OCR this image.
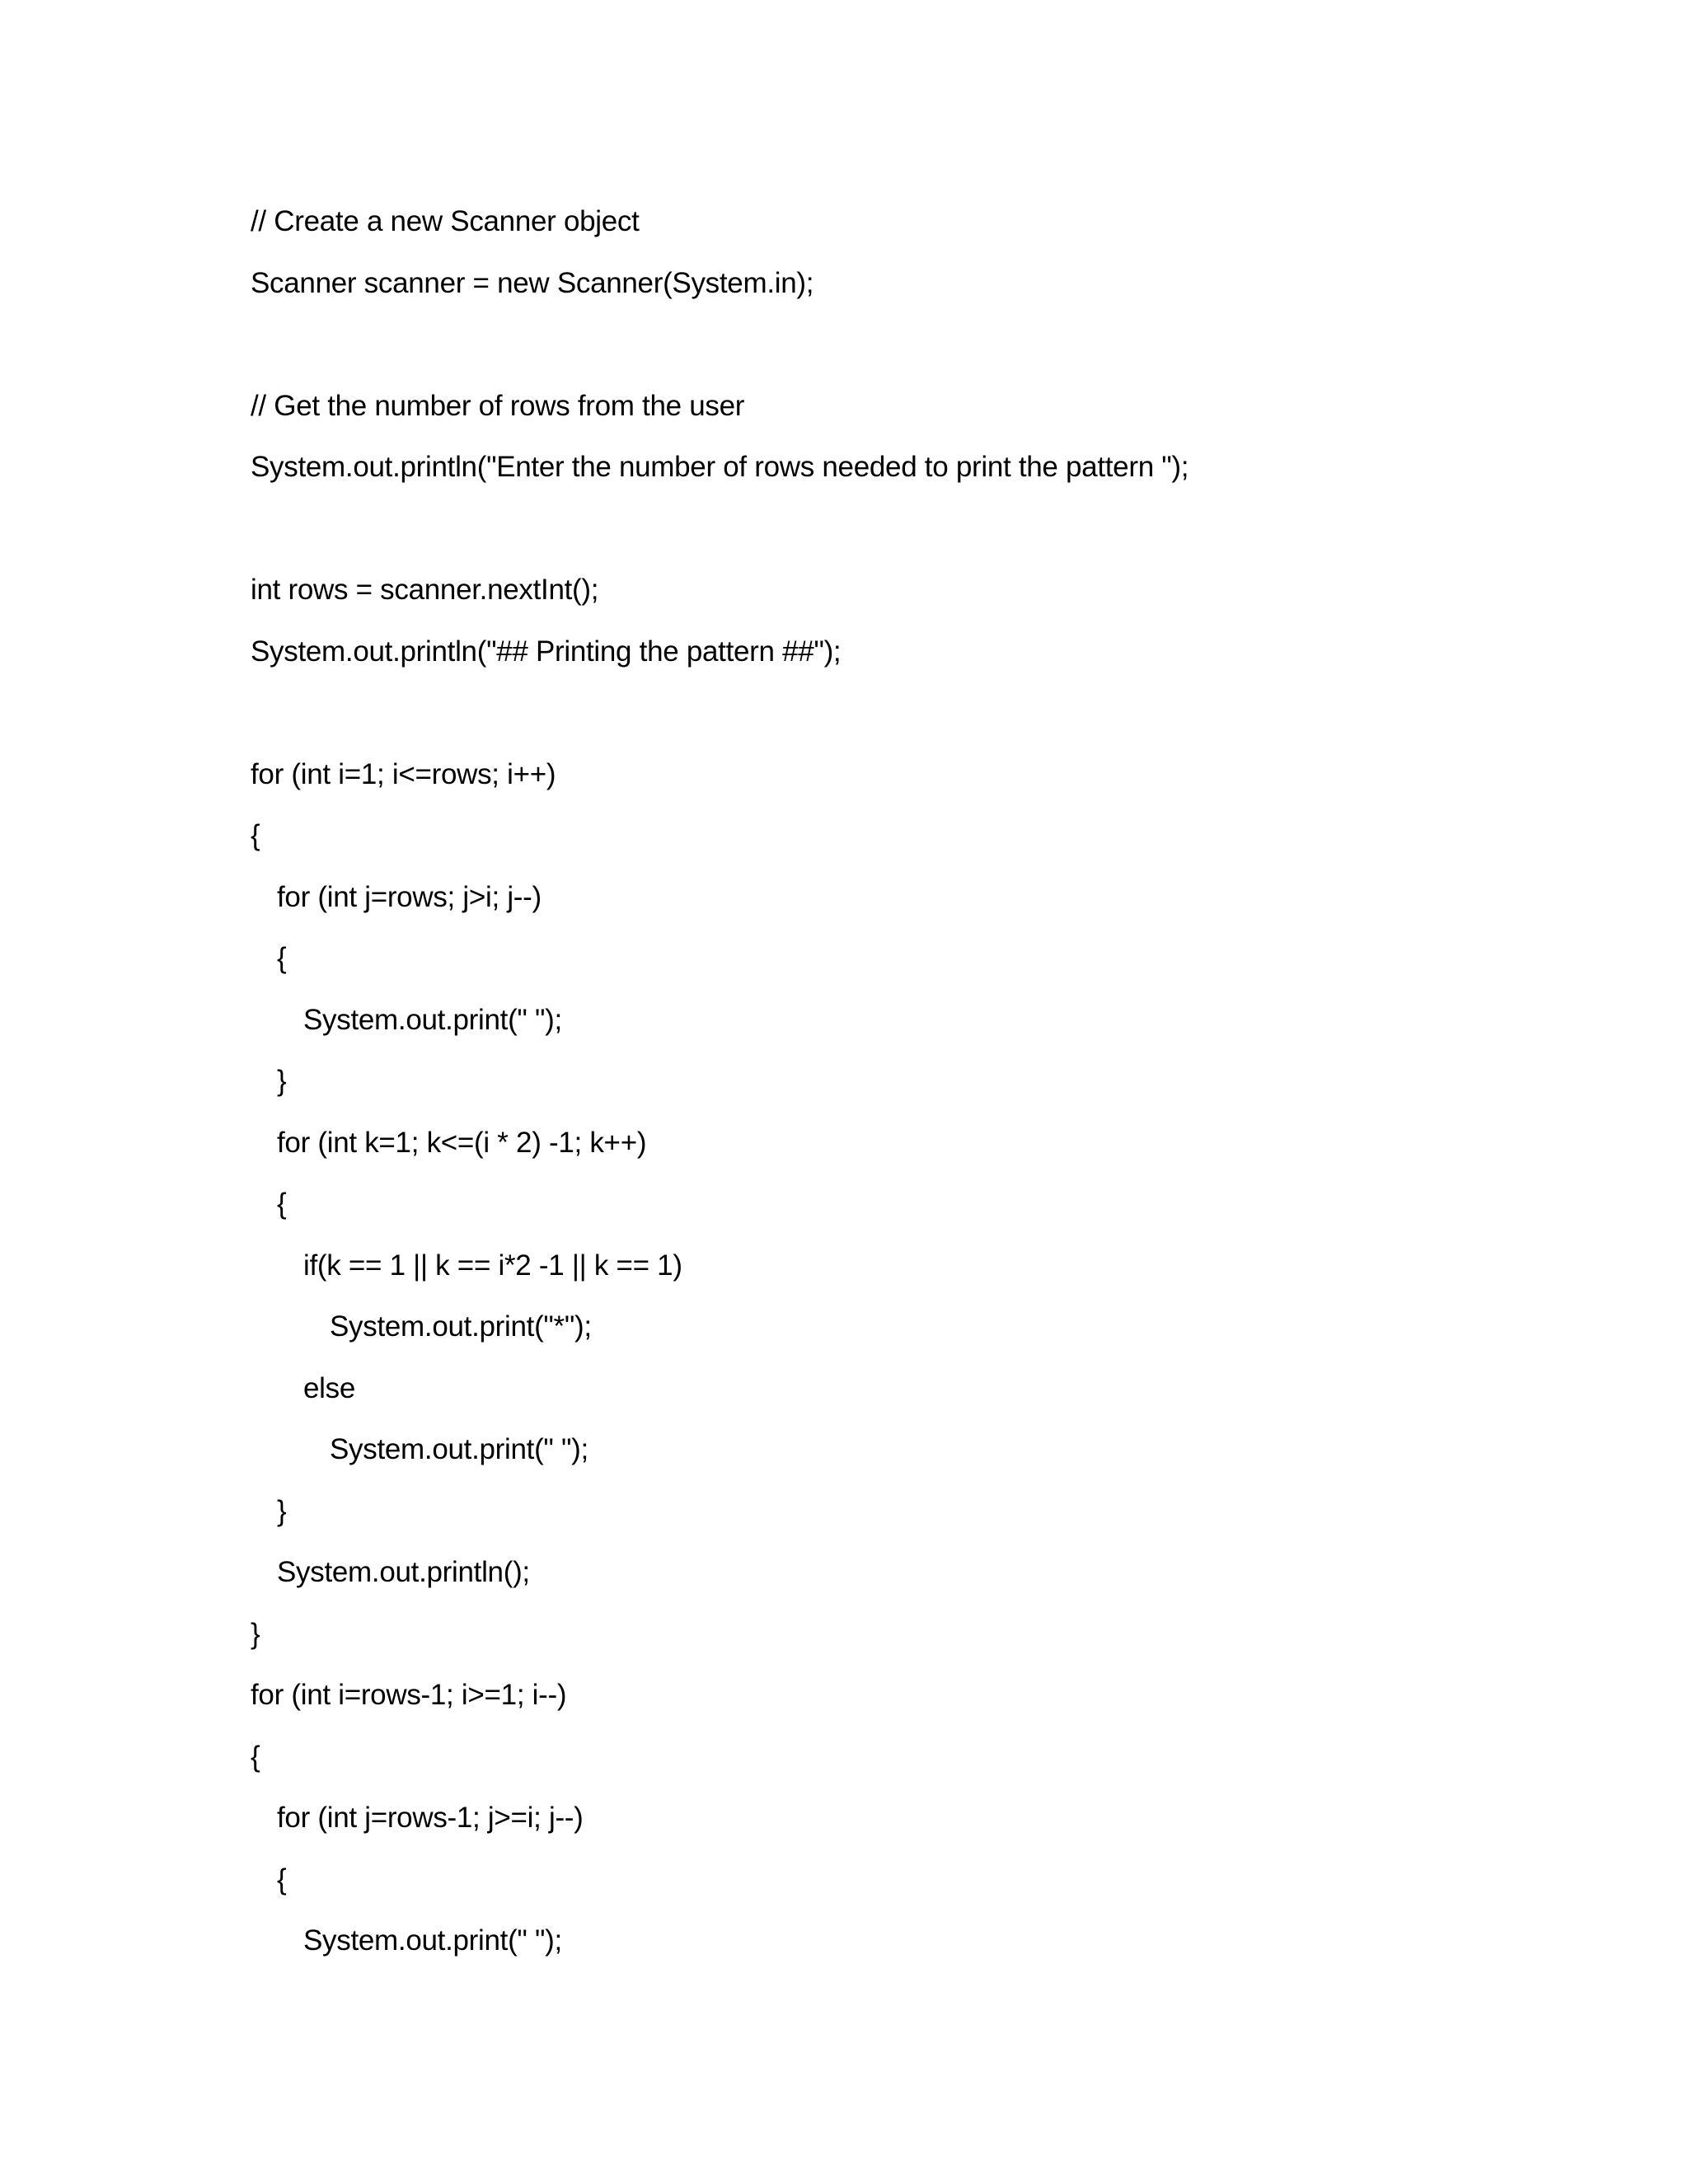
// Create a new Scanner object
Scanner scanner = new Scanner(System.in);
// Get the number of rows from the user
System.out.println("Enter the number of rows needed to print the pattern ");
int rows = scanner.nextInt();
System.out.println("## Printing the pattern ##");
for (int i=1; i<=rows; i++)
{
for (int j=rows; j>i; j--)
{
System.out.print(" ");
}
for (int k=1; k<=(i * 2) -1; k++)
{
if(k == 1 || k == i*2 -1 || k == 1)
System.out.print("*");
else
System.out.print(" ");
}
System.out.println();
}
for (int i=rows-1; i>=1; i--)
{
for (int j=rows-1; j>=i; j--)
{
System.out.print(" ");
